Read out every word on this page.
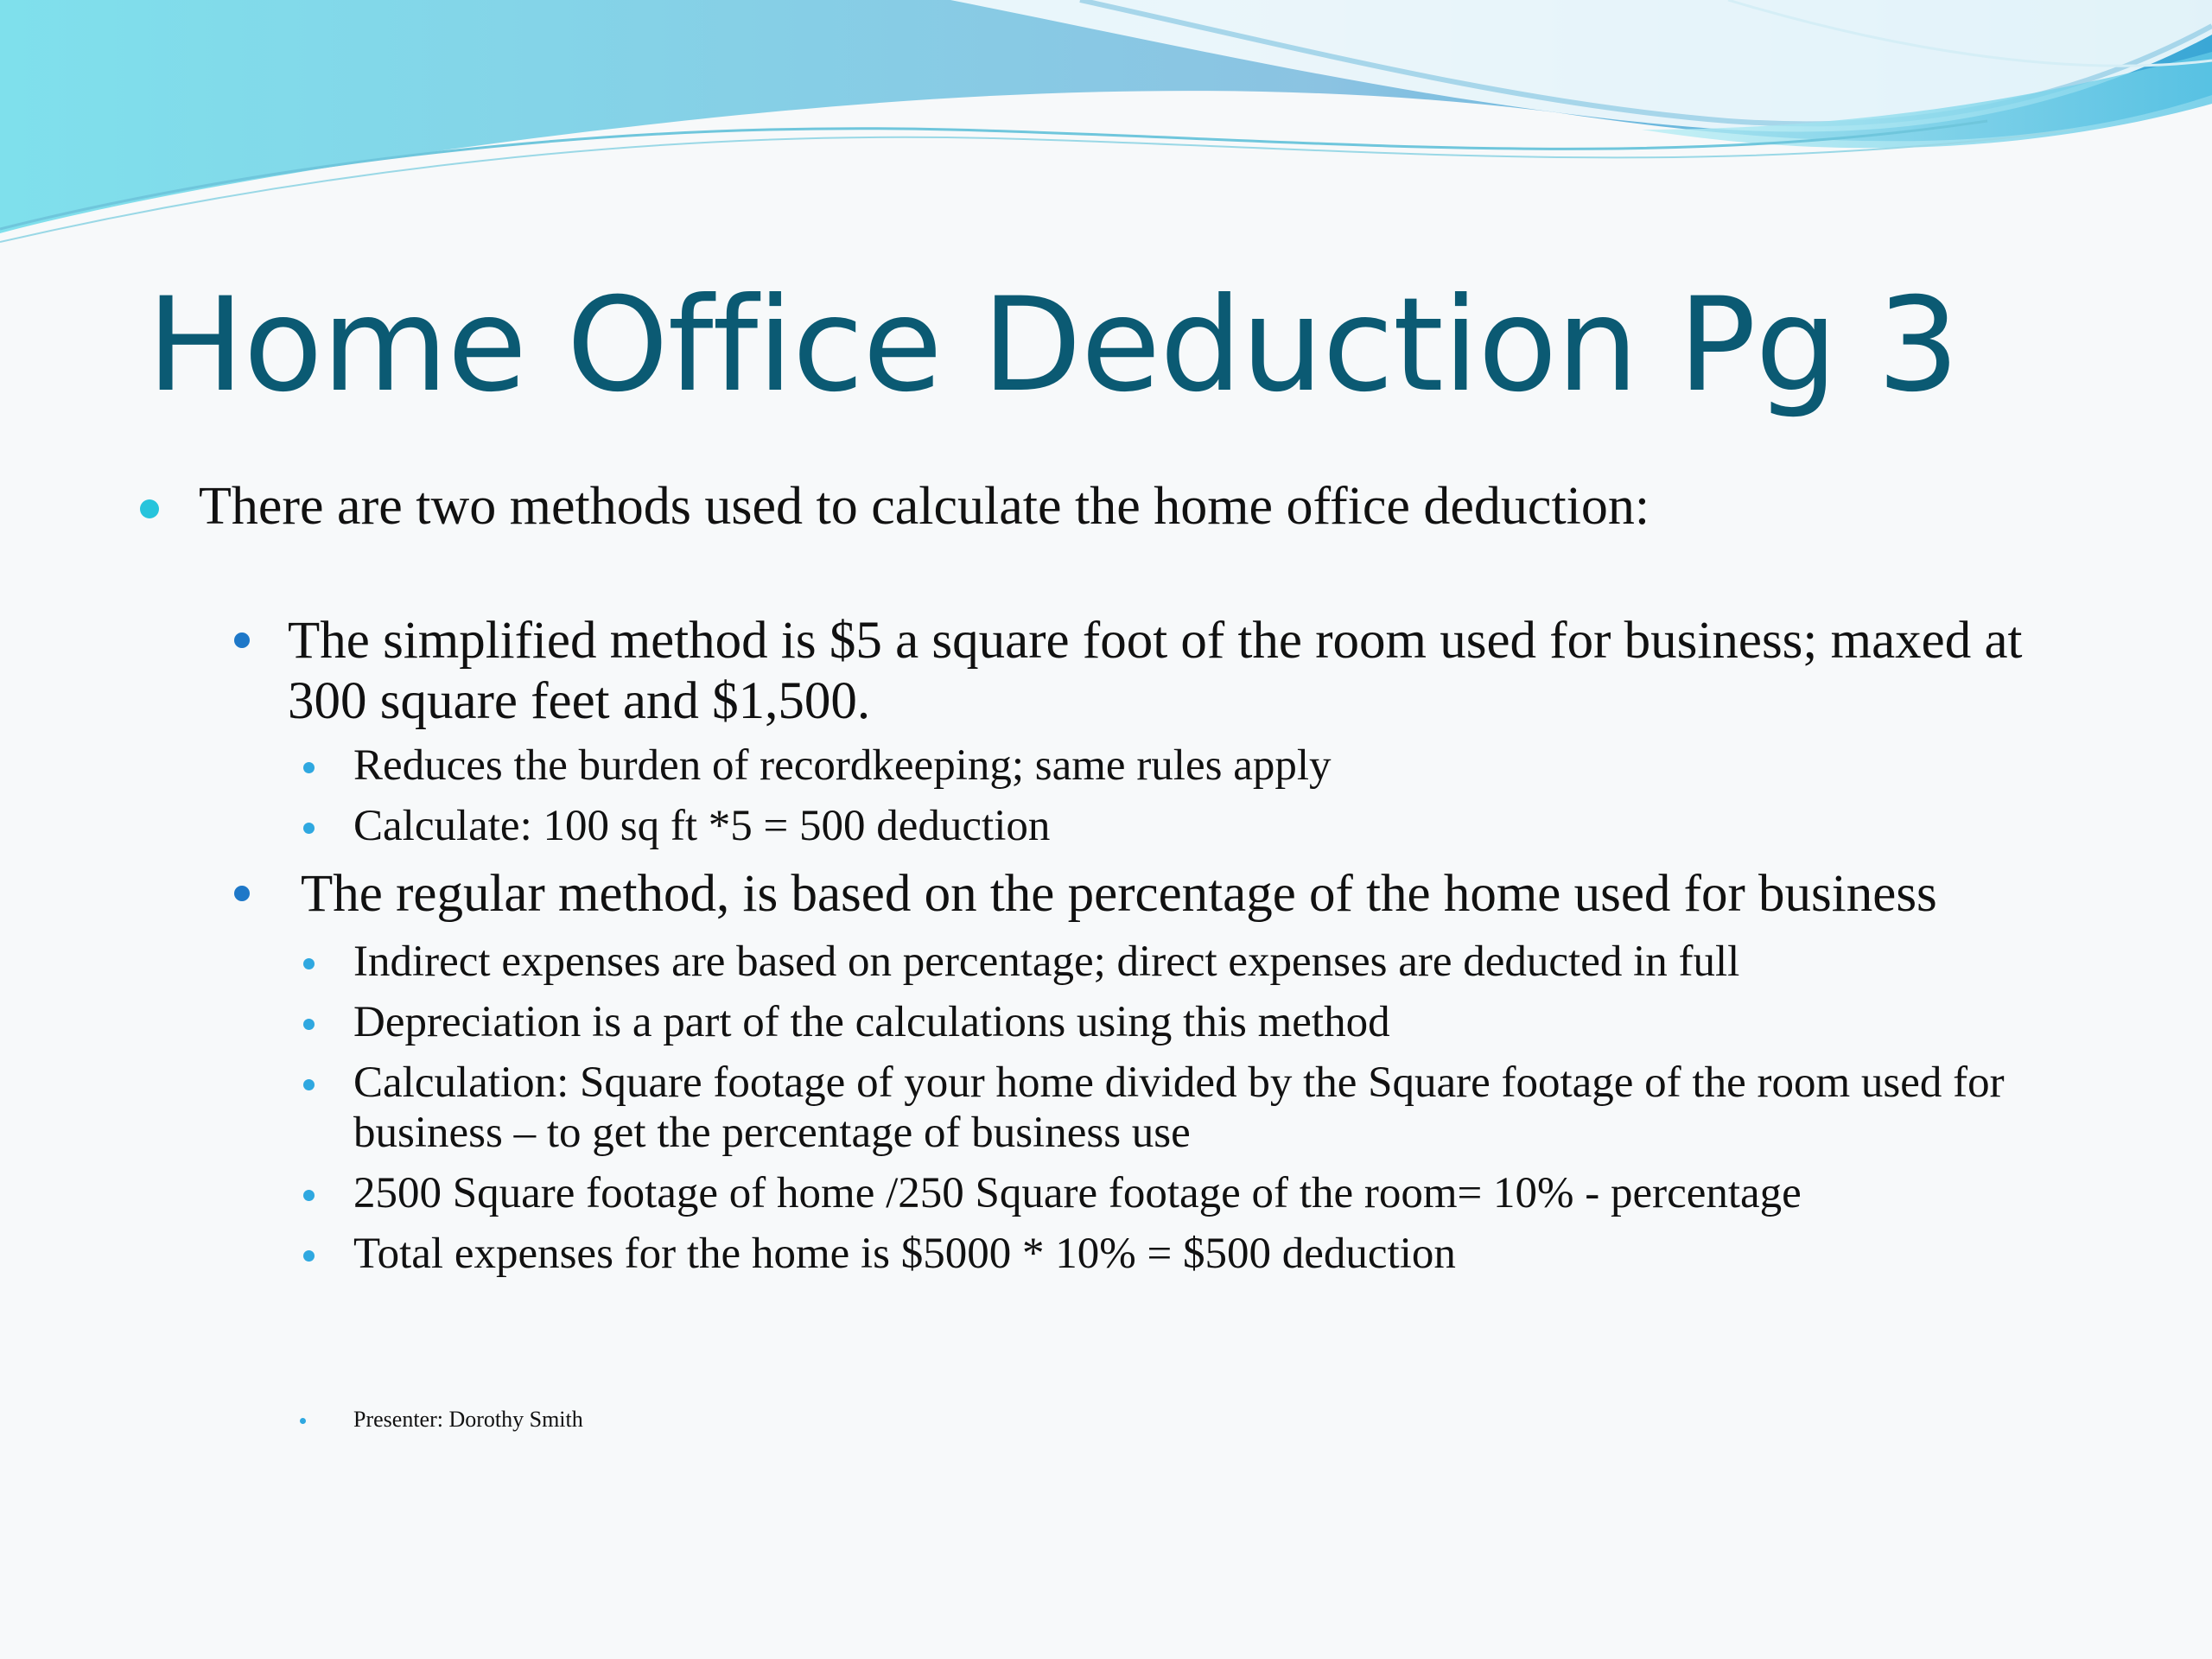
Home Office Deduction Pg 3
There are two methods used to calculate the home office deduction:
The simplified method is $5 a square foot of the room used for business; maxed at 300 square feet and $1,500.
Reduces the burden of recordkeeping; same rules apply
Calculate: 100 sq ft *5 = 500 deduction
The regular method, is based on the percentage of the home used for business
Indirect expenses are based on percentage; direct expenses are deducted in full
Depreciation is a part of the calculations using this method
Calculation: Square footage of your home divided by the Square footage of the room used for business – to get the percentage of business use
2500 Square footage of home /250 Square footage of the room= 10% - percentage
Total expenses for the home is $5000 * 10% = $500 deduction
Presenter: Dorothy Smith
